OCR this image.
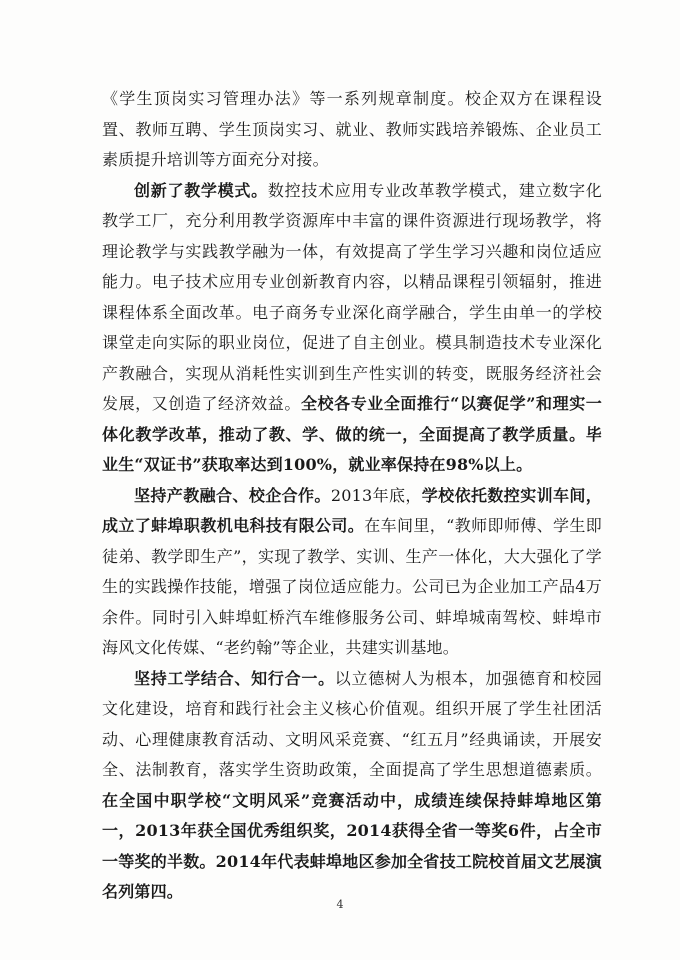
《学生顶岗实习管理办法》等一系列规章制度。校企双方在课程设置、教师互聘、学生顶岗实习、就业、教师实践培养锻炼、企业员工素质提升培训等方面充分对接。

创新了教学模式。数控技术应用专业改革教学模式，建立数字化教学工厂，充分利用教学资源库中丰富的课件资源进行现场教学，将理论教学与实践教学融为一体，有效提高了学生学习兴趣和岗位适应能力。电子技术应用专业创新教育内容，以精品课程引领辐射，推进课程体系全面改革。电子商务专业深化商学融合，学生由单一的学校课堂走向实际的职业岗位，促进了自主创业。模具制造技术专业深化产教融合，实现从消耗性实训到生产性实训的转变，既服务经济社会发展，又创造了经济效益。全校各专业全面推行“以赛促学”和理实一体化教学改革，推动了教、学、做的统一，全面提高了教学质量。毕业生“双证书”获取率达到100%，就业率保持在98%以上。

坚持产教融合、校企合作。2013年底，学校依托数控实训车间，成立了蚌埠职教机电科技有限公司。在车间里，“教师即师傅、学生即徒弟、教学即生产”，实现了教学、实训、生产一体化，大大强化了学生的实践操作技能，增强了岗位适应能力。公司已为企业加工产品4万余件。同时引入蚌埠虹桥汽车维修服务公司、蚌埠城南驾校、蚌埠市海风文化传媒、“老约翰”等企业，共建实训基地。

坚持工学结合、知行合一。以立德树人为根本，加强德育和校园文化建设，培育和践行社会主义核心价值观。组织开展了学生社团活动、心理健康教育活动、文明风采竞赛、“红五月”经典诵读，开展安全、法制教育，落实学生资助政策，全面提高了学生思想道德素质。在全国中职学校“文明风采”竞赛活动中，成绩连续保持蚌埠地区第一，2013年获全国优秀组织奖，2014获得全省一等奖6件，占全市一等奖的半数。2014年代表蚌埠地区参加全省技工院校首届文艺展演名列第四。

4
